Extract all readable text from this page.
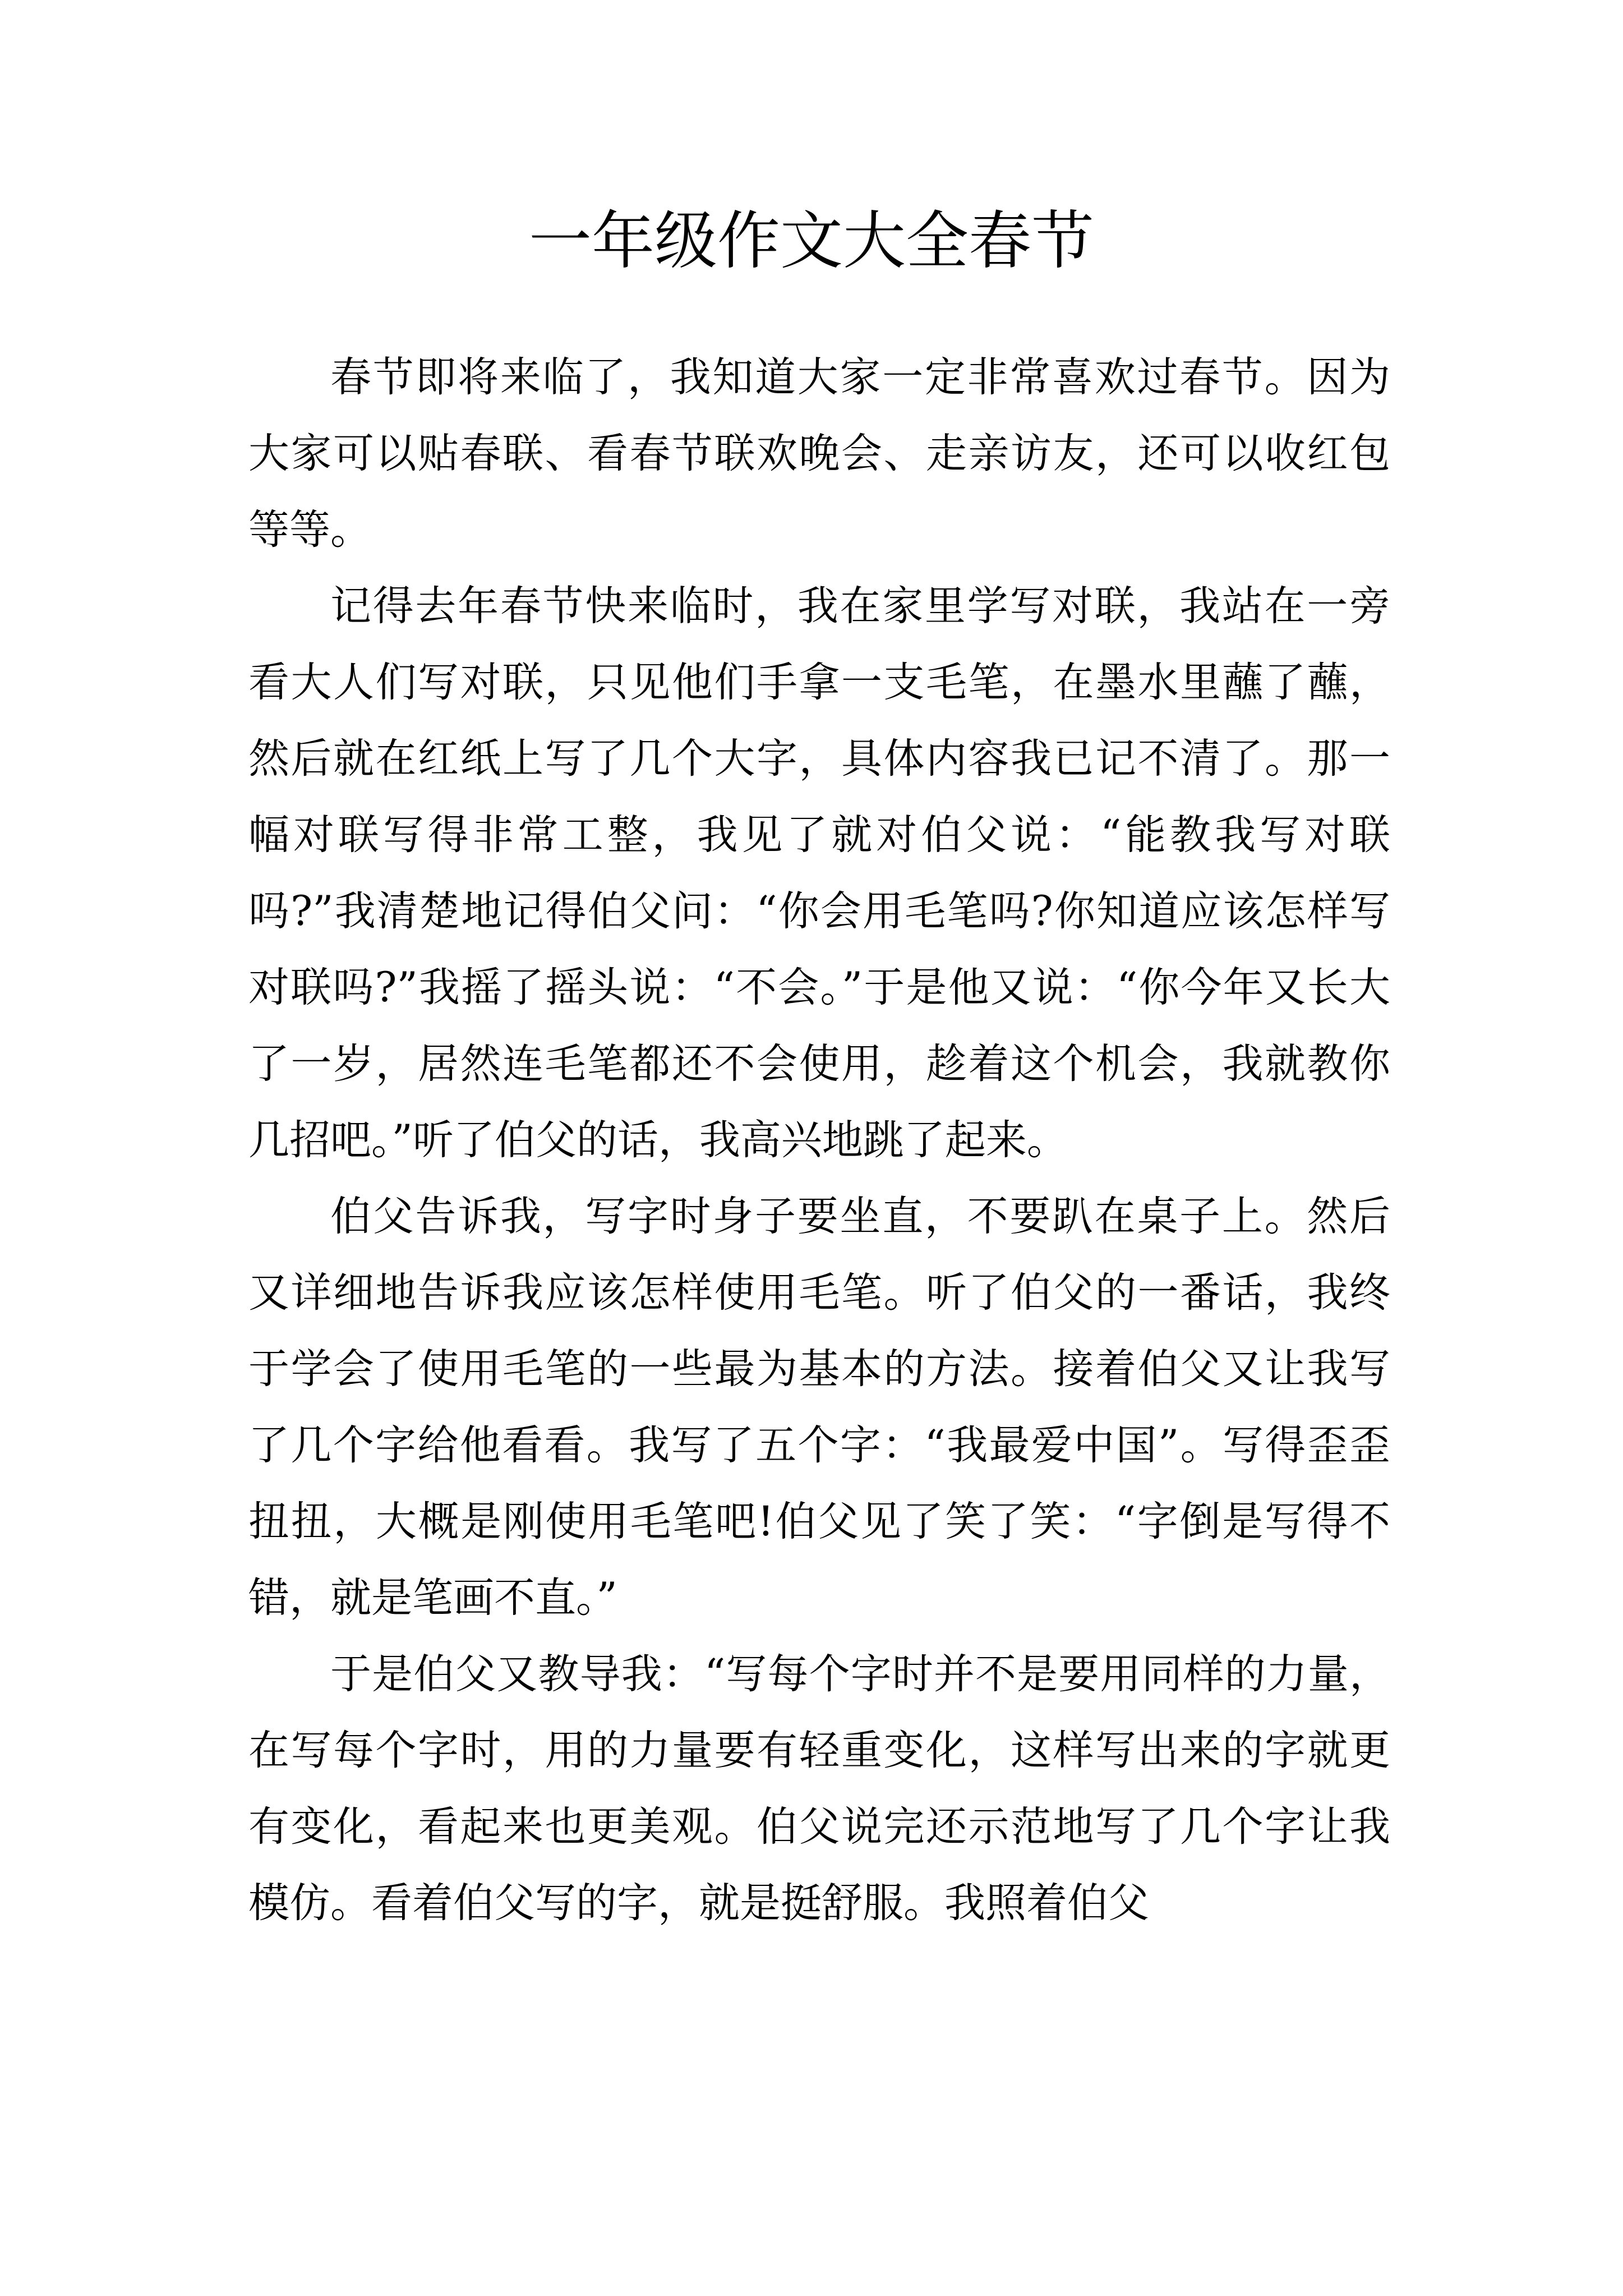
一年级作文大全春节

春节即将来临了，我知道大家一定非常喜欢过春节。因为大家可以贴春联、看春节联欢晚会、走亲访友，还可以收红包等等。

记得去年春节快来临时，我在家里学写对联，我站在一旁看大人们写对联，只见他们手拿一支毛笔，在墨水里蘸了蘸，然后就在红纸上写了几个大字，具体内容我已记不清了。那一幅对联写得非常工整，我见了就对伯父说：“能教我写对联吗?”我清楚地记得伯父问：“你会用毛笔吗?你知道应该怎样写对联吗?”我摇了摇头说：“不会。”于是他又说：“你今年又长大了一岁，居然连毛笔都还不会使用，趁着这个机会，我就教你几招吧。”听了伯父的话，我高兴地跳了起来。

伯父告诉我，写字时身子要坐直，不要趴在桌子上。然后又详细地告诉我应该怎样使用毛笔。听了伯父的一番话，我终于学会了使用毛笔的一些最为基本的方法。接着伯父又让我写了几个字给他看看。我写了五个字：“我最爱中国”。写得歪歪扭扭，大概是刚使用毛笔吧!伯父见了笑了笑：“字倒是写得不错，就是笔画不直。”

于是伯父又教导我：“写每个字时并不是要用同样的力量，在写每个字时，用的力量要有轻重变化，这样写出来的字就更有变化，看起来也更美观。伯父说完还示范地写了几个字让我模仿。看着伯父写的字，就是挺舒服。我照着伯父
